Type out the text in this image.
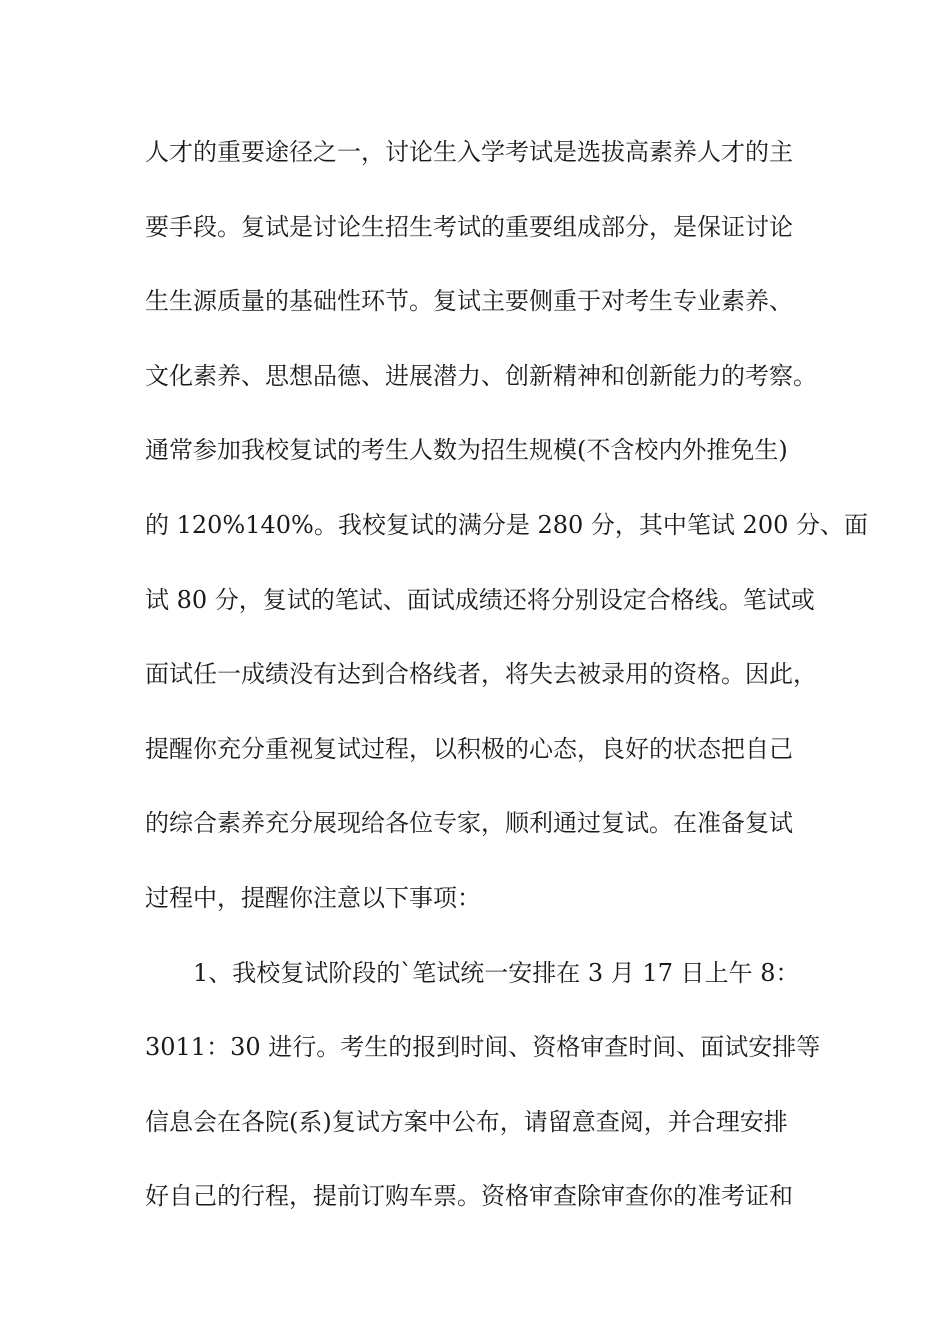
人才的重要途径之一，讨论生入学考试是选拔高素养人才的主
要手段。复试是讨论生招生考试的重要组成部分，是保证讨论
生生源质量的基础性环节。复试主要侧重于对考生专业素养、
文化素养、思想品德、进展潜力、创新精神和创新能力的考察。
通常参加我校复试的考生人数为招生规模(不含校内外推免生)
的 120%140%。我校复试的满分是 280 分，其中笔试 200 分、面
试 80 分，复试的笔试、面试成绩还将分别设定合格线。笔试或
面试任一成绩没有达到合格线者，将失去被录用的资格。因此，
提醒你充分重视复试过程，以积极的心态，良好的状态把自己
的综合素养充分展现给各位专家，顺利通过复试。在准备复试
过程中，提醒你注意以下事项：
1、我校复试阶段的`笔试统一安排在 3 月 17 日上午 8：
3011：30 进行。考生的报到时间、资格审查时间、面试安排等
信息会在各院(系)复试方案中公布，请留意查阅，并合理安排
好自己的行程，提前订购车票。资格审查除审查你的准考证和
